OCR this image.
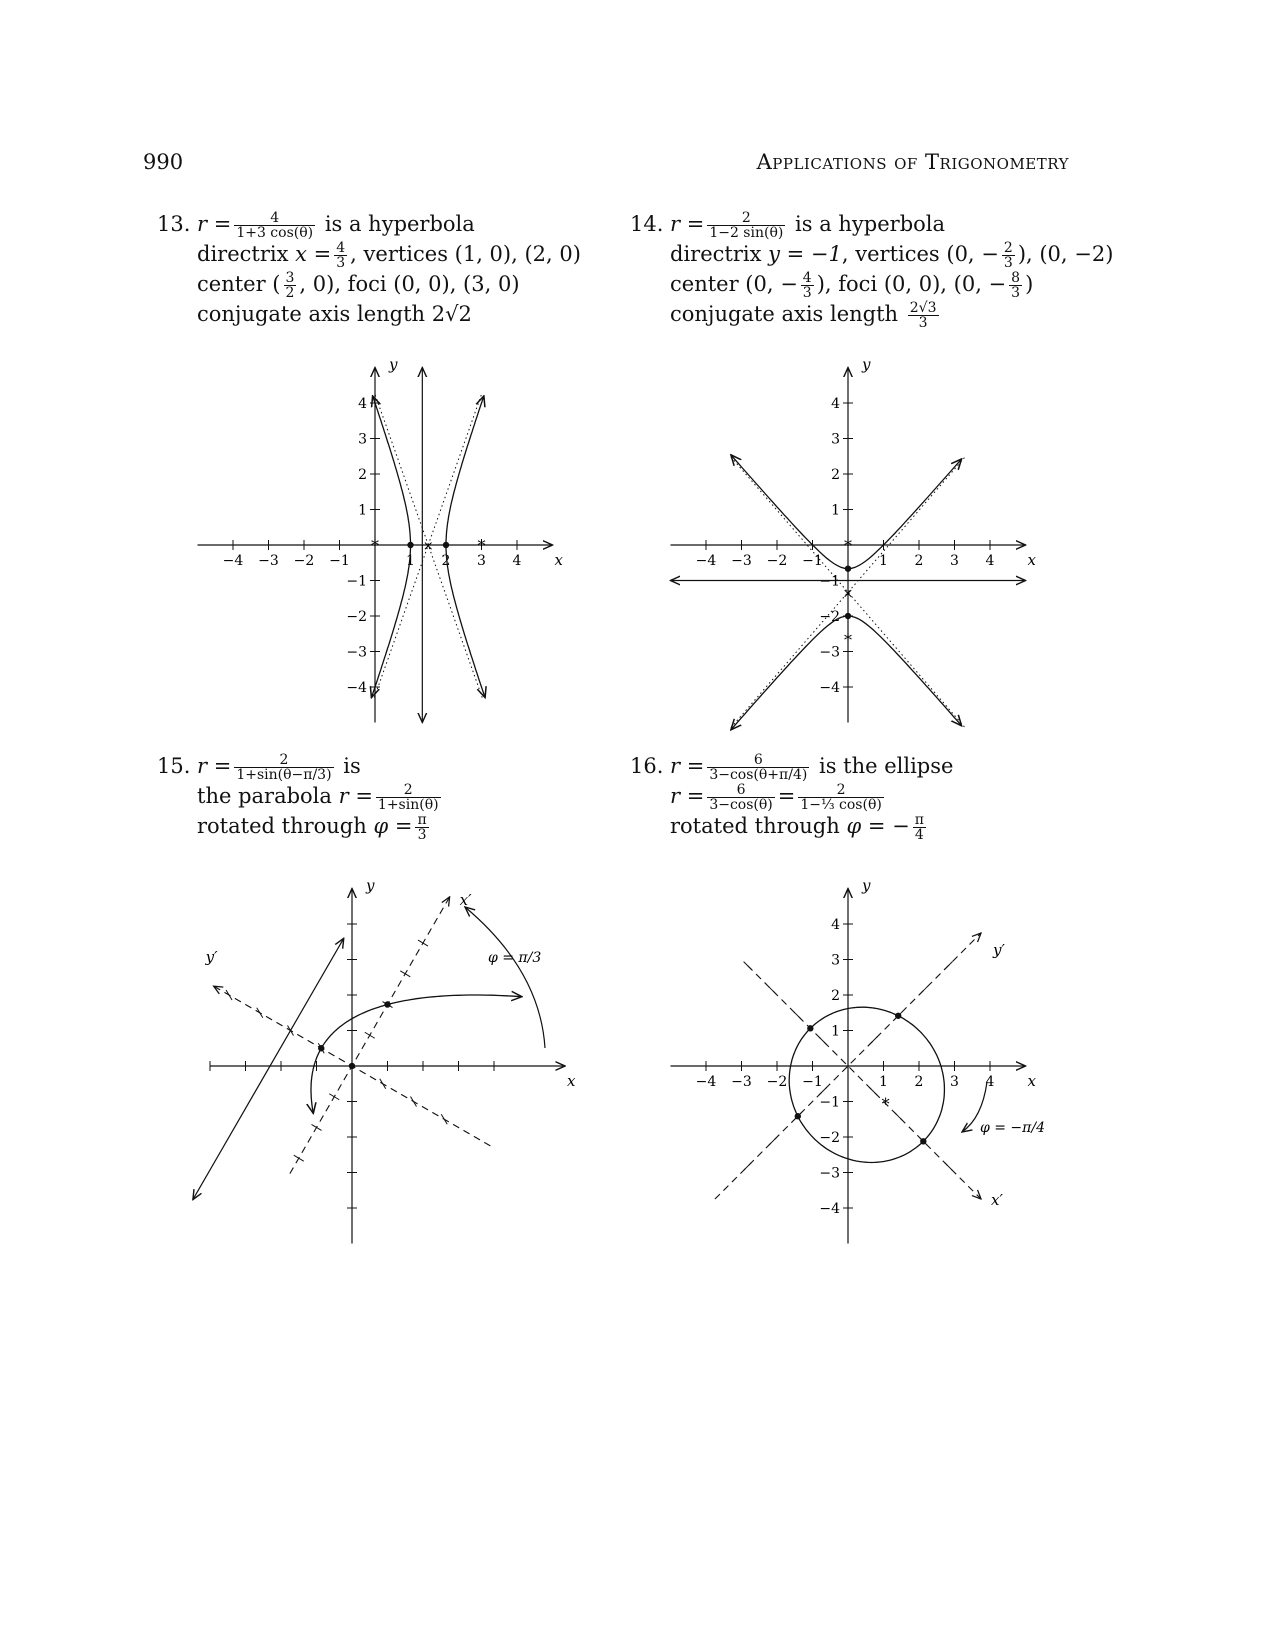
990	Applications of Trigonometry
13. $r = \frac{4}{1+3 \cos(\theta)}$ is a hyperbola
directrix $x = \frac{4}{3}$ , vertices (1, 0), (2, 0)
center ( $\frac{3}{2}$ , 0), foci (0, 0), (3, 0)
conjugate axis length 2√2
14. $r = \frac{2}{1-2 \sin(\theta)}$ is a hyperbola
directrix y = −1, vertices (0, − $\frac{2}{3}$ ), (0, −2)
center (0, − $\frac{4}{3}$ ), foci (0, 0), (0, − $\frac{8}{3}$ )
conjugate axis length $\frac{2√3}{3}$
15. $r = \frac{2}{1+\sin(\theta-\pi/3)}$ is
the parabola $r = \frac{2}{1+\sin(\theta)}$
rotated through $\varphi = \frac{\pi}{3}$
16. $r = \frac{6}{3-\cos(\theta+\pi/4)}$ is the ellipse
$r = \frac{6}{3-\cos(\theta)} = \frac{2}{\text{1−⅓ cos(θ)}}$
rotated through φ = − $\frac{\pi}{4}$
−4 −3 −2 −1	1 2 3 4
4
3
2
1
−1
−2
−3
−4
x
y
*	*
×
−4 −3 −2 −1	1 2 3 4
4
3
2
1
−1
−2
−3
−4
x
y
*
*
×
x
y
x′
y′	φ = π/3
−4 −3 −2 −1	1 2 3 4
4
3
2
1
−1
−2
−3
−4
x
y
x′
y′
*
φ = −π/4
